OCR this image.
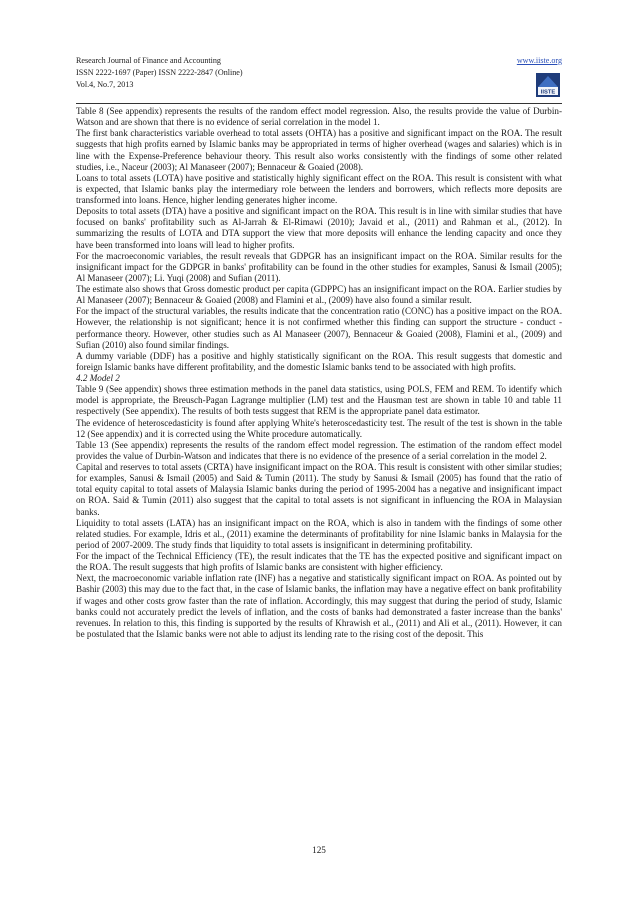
Research Journal of Finance and Accounting
ISSN 2222-1697 (Paper) ISSN 2222-2847 (Online)
Vol.4, No.7, 2013
www.iiste.org
IISTE

Table 8 (See appendix) represents the results of the random effect model regression. Also, the results provide the value of Durbin-Watson and are shown that there is no evidence of serial correlation in the model 1.

The first bank characteristics variable overhead to total assets (OHTA) has a positive and significant impact on the ROA. The result suggests that high profits earned by Islamic banks may be appropriated in terms of higher overhead (wages and salaries) which is in line with the Expense-Preference behaviour theory. This result also works consistently with the findings of some other related studies, i.e., Naceur (2003); Al Manaseer (2007); Bennaceur & Goaied (2008).

Loans to total assets (LOTA) have positive and statistically highly significant effect on the ROA. This result is consistent with what is expected, that Islamic banks play the intermediary role between the lenders and borrowers, which reflects more deposits are transformed into loans. Hence, higher lending generates higher income.

Deposits to total assets (DTA) have a positive and significant impact on the ROA. This result is in line with similar studies that have focused on banks' profitability such as Al-Jarrah & El-Rimawi (2010); Javaid et al., (2011) and Rahman et al., (2012). In summarizing the results of LOTA and DTA support the view that more deposits will enhance the lending capacity and once they have been transformed into loans will lead to higher profits.

For the macroeconomic variables, the result reveals that GDPGR has an insignificant impact on the ROA. Similar results for the insignificant impact for the GDPGR in banks' profitability can be found in the other studies for examples, Sanusi & Ismail (2005); Al Manaseer (2007); Li. Yuqi (2008) and Sufian (2011).

The estimate also shows that Gross domestic product per capita (GDPPC) has an insignificant impact on the ROA. Earlier studies by Al Manaseer (2007); Bennaceur & Goaied (2008) and Flamini et al., (2009) have also found a similar result.

For the impact of the structural variables, the results indicate that the concentration ratio (CONC) has a positive impact on the ROA. However, the relationship is not significant; hence it is not confirmed whether this finding can support the structure - conduct - performance theory. However, other studies such as Al Manaseer (2007), Bennaceur & Goaied (2008), Flamini et al., (2009) and Sufian (2010) also found similar findings.

A dummy variable (DDF) has a positive and highly statistically significant on the ROA. This result suggests that domestic and foreign Islamic banks have different profitability, and the domestic Islamic banks tend to be associated with high profits.

4.2 Model 2

Table 9 (See appendix) shows three estimation methods in the panel data statistics, using POLS, FEM and REM. To identify which model is appropriate, the Breusch-Pagan Lagrange multiplier (LM) test and the Hausman test are shown in table 10 and table 11 respectively (See appendix). The results of both tests suggest that REM is the appropriate panel data estimator.

The evidence of heteroscedasticity is found after applying White's heteroscedasticity test. The result of the test is shown in the table 12 (See appendix) and it is corrected using the White procedure automatically.

Table 13 (See appendix) represents the results of the random effect model regression. The estimation of the random effect model provides the value of Durbin-Watson and indicates that there is no evidence of the presence of a serial correlation in the model 2.

Capital and reserves to total assets (CRTA) have insignificant impact on the ROA. This result is consistent with other similar studies; for examples, Sanusi & Ismail (2005) and Said & Tumin (2011). The study by Sanusi & Ismail (2005) has found that the ratio of total equity capital to total assets of Malaysia Islamic banks during the period of 1995-2004 has a negative and insignificant impact on ROA. Said & Tumin (2011) also suggest that the capital to total assets is not significant in influencing the ROA in Malaysian banks.

Liquidity to total assets (LATA) has an insignificant impact on the ROA, which is also in tandem with the findings of some other related studies. For example, Idris et al., (2011) examine the determinants of profitability for nine Islamic banks in Malaysia for the period of 2007-2009. The study finds that liquidity to total assets is insignificant in determining profitability.

For the impact of the Technical Efficiency (TE), the result indicates that the TE has the expected positive and significant impact on the ROA. The result suggests that high profits of Islamic banks are consistent with higher efficiency.

Next, the macroeconomic variable inflation rate (INF) has a negative and statistically significant impact on ROA. As pointed out by Bashir (2003) this may due to the fact that, in the case of Islamic banks, the inflation may have a negative effect on bank profitability if wages and other costs grow faster than the rate of inflation. Accordingly, this may suggest that during the period of study, Islamic banks could not accurately predict the levels of inflation, and the costs of banks had demonstrated a faster increase than the banks' revenues. In relation to this, this finding is supported by the results of Khrawish et al., (2011) and Ali et al., (2011). However, it can be postulated that the Islamic banks were not able to adjust its lending rate to the rising cost of the deposit. This

125
